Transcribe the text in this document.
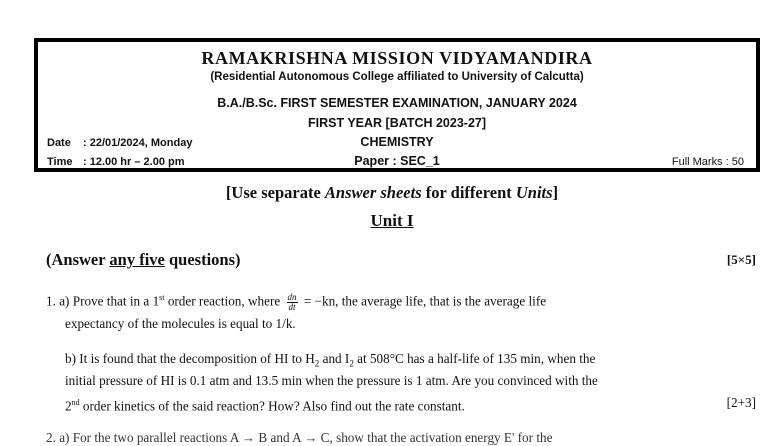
RAMAKRISHNA MISSION VIDYAMANDIRA
(Residential Autonomous College affiliated to University of Calcutta)
B.A./B.Sc. FIRST SEMESTER EXAMINATION, JANUARY 2024
FIRST YEAR [BATCH 2023-27]
CHEMISTRY
Paper : SEC_1
Date : 22/01/2024, Monday
Time : 12.00 hr – 2.00 pm	Full Marks : 50
[Use separate Answer sheets for different Units]
Unit I
(Answer any five questions)	[5×5]
1. a) Prove that in a 1st order reaction, where $\frac{dn}{dt} = -kn$, the average life, that is the average life
expectancy of the molecules is equal to 1/k.
b) It is found that the decomposition of HI to $H_2$ and $I_2$ at 508°C has a half-life of 135 min, when the
initial pressure of HI is 0.1 atm and 13.5 min when the pressure is 1 atm. Are you convinced with the
2nd order kinetics of the said reaction? How? Also find out the rate constant.	[2+3]
2. a) For the two parallel reactions A → B and A → C, show that the activation energy E' for the
